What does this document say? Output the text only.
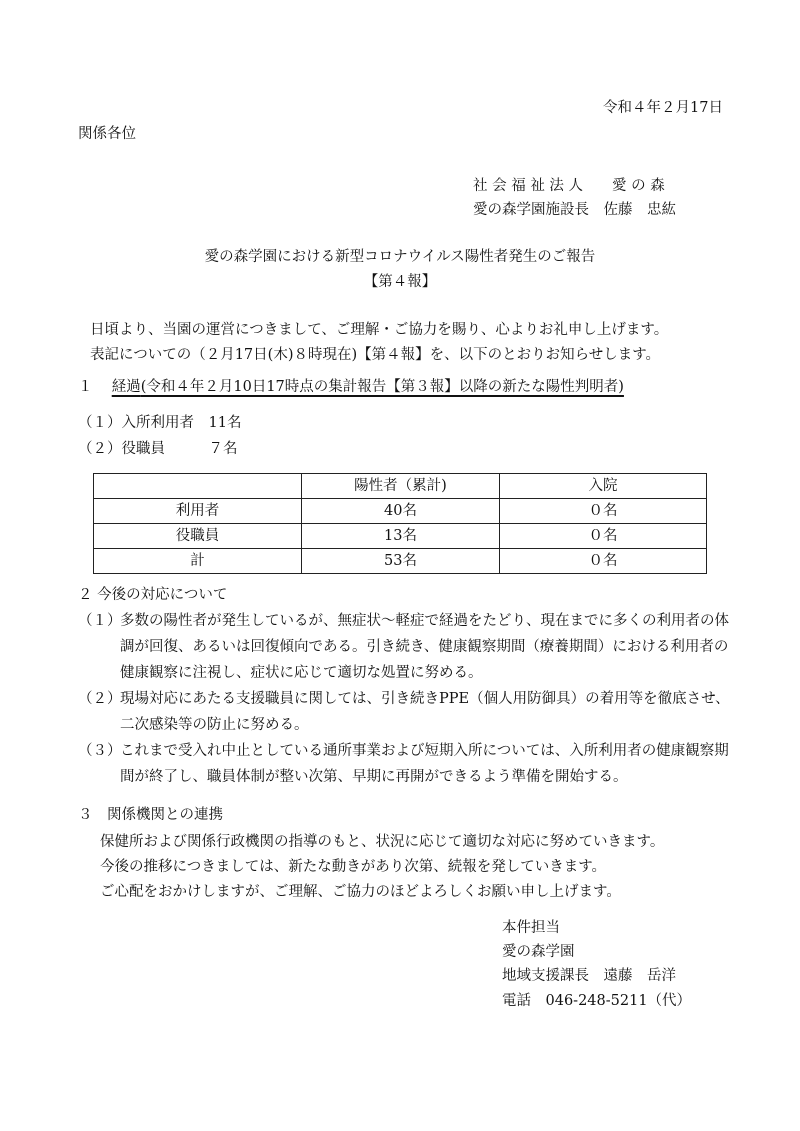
令和４年２月17日
関係各位
社 会 福 祉 法 人　　愛 の 森
愛の森学園施設長　佐藤　忠紘
愛の森学園における新型コロナウイルス陽性者発生のご報告
【第４報】
日頃より、当園の運営につきまして、ご理解・ご協力を賜り、心よりお礼申し上げます。
表記についての（２月17日(木)８時現在)【第４報】を、以下のとおりお知らせします。
１ 経過(令和４年２月10日17時点の集計報告【第３報】以降の新たな陽性判明者)
（１）入所利用者　11名
（２）役職員　　　７名
	陽性者（累計)	入院
利用者	40名	０名
役職員	13名	０名
計	53名	０名
２ 今後の対応について
（１）
多数の陽性者が発生しているが、無症状〜軽症で経過をたどり、現在までに多くの利用者の体調が回復、あるいは回復傾向である。引き続き、健康観察期間（療養期間）における利用者の健康観察に注視し、症状に応じて適切な処置に努める。
（２）
現場対応にあたる支援職員に関しては、引き続きPPE（個人用防御具）の着用等を徹底させ、二次感染等の防止に努める。
（３）
これまで受入れ中止としている通所事業および短期入所については、入所利用者の健康観察期間が終了し、職員体制が整い次第、早期に再開ができるよう準備を開始する。
３　関係機関との連携
保健所および関係行政機関の指導のもと、状況に応じて適切な対応に努めていきます。
今後の推移につきましては、新たな動きがあり次第、続報を発していきます。
ご心配をおかけしますが、ご理解、ご協力のほどよろしくお願い申し上げます。
本件担当
愛の森学園
地域支援課長　遠藤　岳洋
電話　046-248-5211（代）
